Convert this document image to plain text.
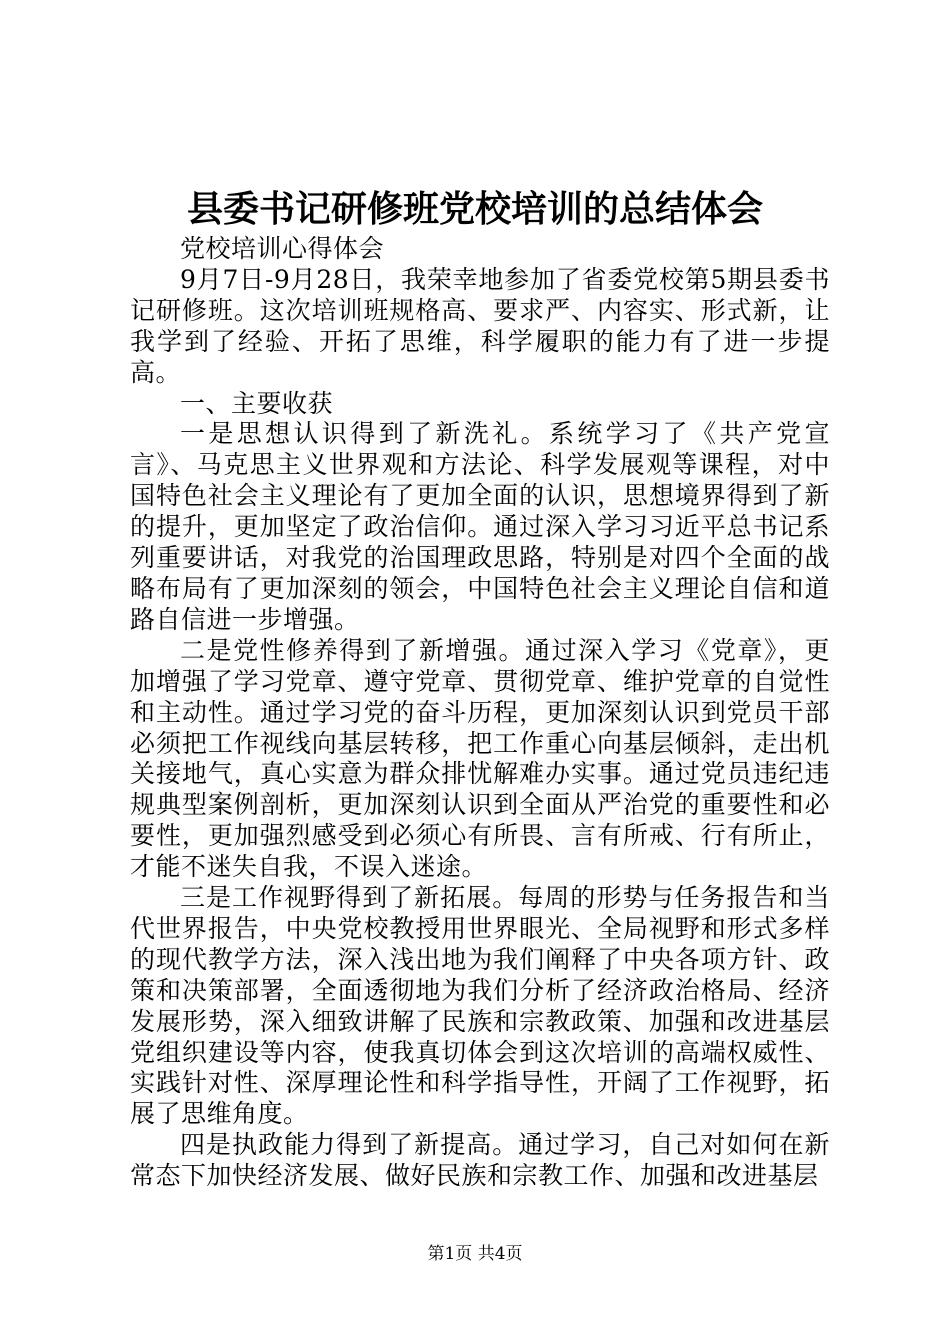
县委书记研修班党校培训的总结体会

党校培训心得体会

9月7日-9月28日，我荣幸地参加了省委党校第5期县委书记研修班。这次培训班规格高、要求严、内容实、形式新，让我学到了经验、开拓了思维，科学履职的能力有了进一步提高。

一、主要收获

一是思想认识得到了新洗礼。系统学习了《共产党宣言》、马克思主义世界观和方法论、科学发展观等课程，对中国特色社会主义理论有了更加全面的认识，思想境界得到了新的提升，更加坚定了政治信仰。通过深入学习习近平总书记系列重要讲话，对我党的治国理政思路，特别是对四个全面的战略布局有了更加深刻的领会，中国特色社会主义理论自信和道路自信进一步增强。

二是党性修养得到了新增强。通过深入学习《党章》，更加增强了学习党章、遵守党章、贯彻党章、维护党章的自觉性和主动性。通过学习党的奋斗历程，更加深刻认识到党员干部必须把工作视线向基层转移，把工作重心向基层倾斜，走出机关接地气，真心实意为群众排忧解难办实事。通过党员违纪违规典型案例剖析，更加深刻认识到全面从严治党的重要性和必要性，更加强烈感受到必须心有所畏、言有所戒、行有所止，才能不迷失自我，不误入迷途。

三是工作视野得到了新拓展。每周的形势与任务报告和当代世界报告，中央党校教授用世界眼光、全局视野和形式多样的现代教学方法，深入浅出地为我们阐释了中央各项方针、政策和决策部署，全面透彻地为我们分析了经济政治格局、经济发展形势，深入细致讲解了民族和宗教政策、加强和改进基层党组织建设等内容，使我真切体会到这次培训的高端权威性、实践针对性、深厚理论性和科学指导性，开阔了工作视野，拓展了思维角度。

四是执政能力得到了新提高。通过学习，自己对如何在新常态下加快经济发展、做好民族和宗教工作、加强和改进基层

第1页 共4页
